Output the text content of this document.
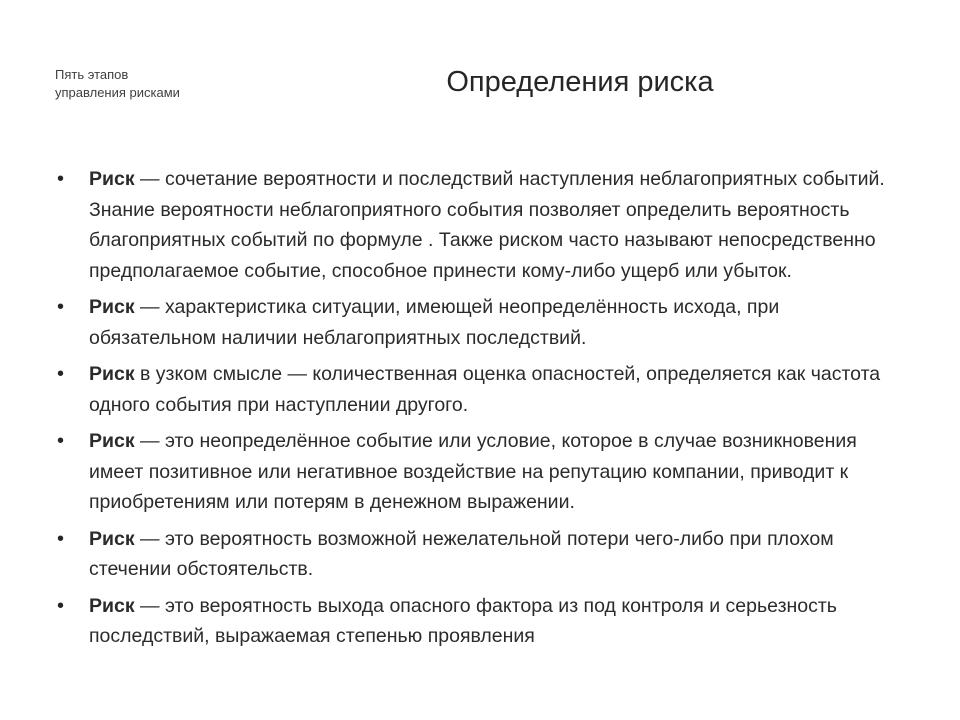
Пять этапов
управления рисками	Определения риска
• Риск — сочетание вероятности и последствий наступления неблагоприятных событий. Знание вероятности неблагоприятного события позволяет определить вероятность благоприятных событий по формуле . Также риском часто называют непосредственно предполагаемое событие, способное принести кому-либо ущерб или убыток.
• Риск — характеристика ситуации, имеющей неопределённость исхода, при обязательном наличии неблагоприятных последствий.
• Риск в узком смысле — количественная оценка опасностей, определяется как частота одного события при наступлении другого.
• Риск — это неопределённое событие или условие, которое в случае возникновения имеет позитивное или негативное воздействие на репутацию компании, приводит к приобретениям или потерям в денежном выражении.
• Риск — это вероятность возможной нежелательной потери чего-либо при плохом стечении обстоятельств.
• Риск — это вероятность выхода опасного фактора из под контроля и серьезность последствий, выражаемая степенью проявления
